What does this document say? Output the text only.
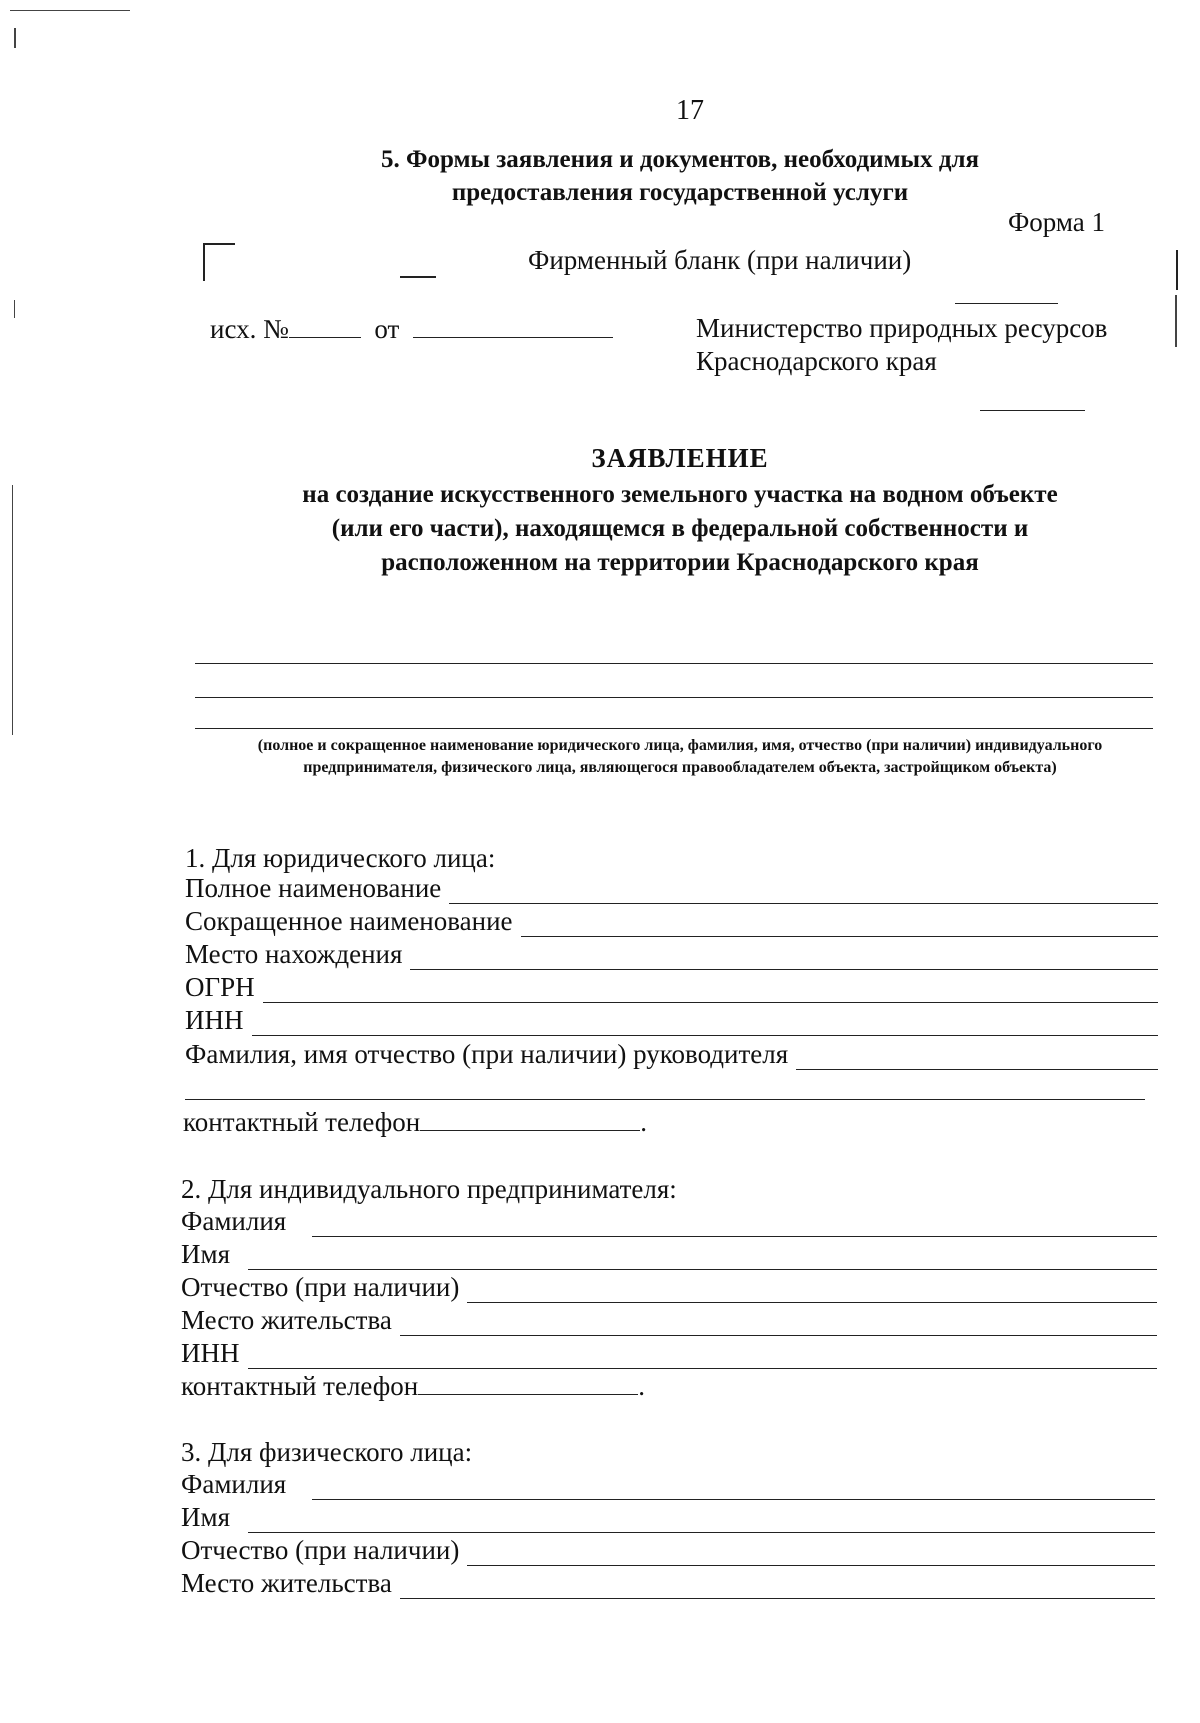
17
5. Формы заявления и документов, необходимых для предоставления государственной услуги
Форма 1
Фирменный бланк (при наличии)
исх. №	от	Министерство природных ресурсов
Краснодарского края
ЗАЯВЛЕНИЕ
на создание искусственного земельного участка на водном объекте (или его части), находящемся в федеральной собственности и расположенном на территории Краснодарского края
(полное и сокращенное наименование юридического лица, фамилия, имя, отчество (при наличии) индивидуального предпринимателя, физического лица, являющегося правообладателем объекта, застройщиком объекта)
1. Для юридического лица:
Полное наименование
Сокращенное наименование
Место нахождения
ОГРН
ИНН
Фамилия, имя отчество (при наличии) руководителя
контактный телефон	.
2. Для индивидуального предпринимателя:
Фамилия
Имя
Отчество (при наличии)
Место жительства
ИНН
контактный телефон	.
3. Для физического лица:
Фамилия
Имя
Отчество (при наличии)
Место жительства
